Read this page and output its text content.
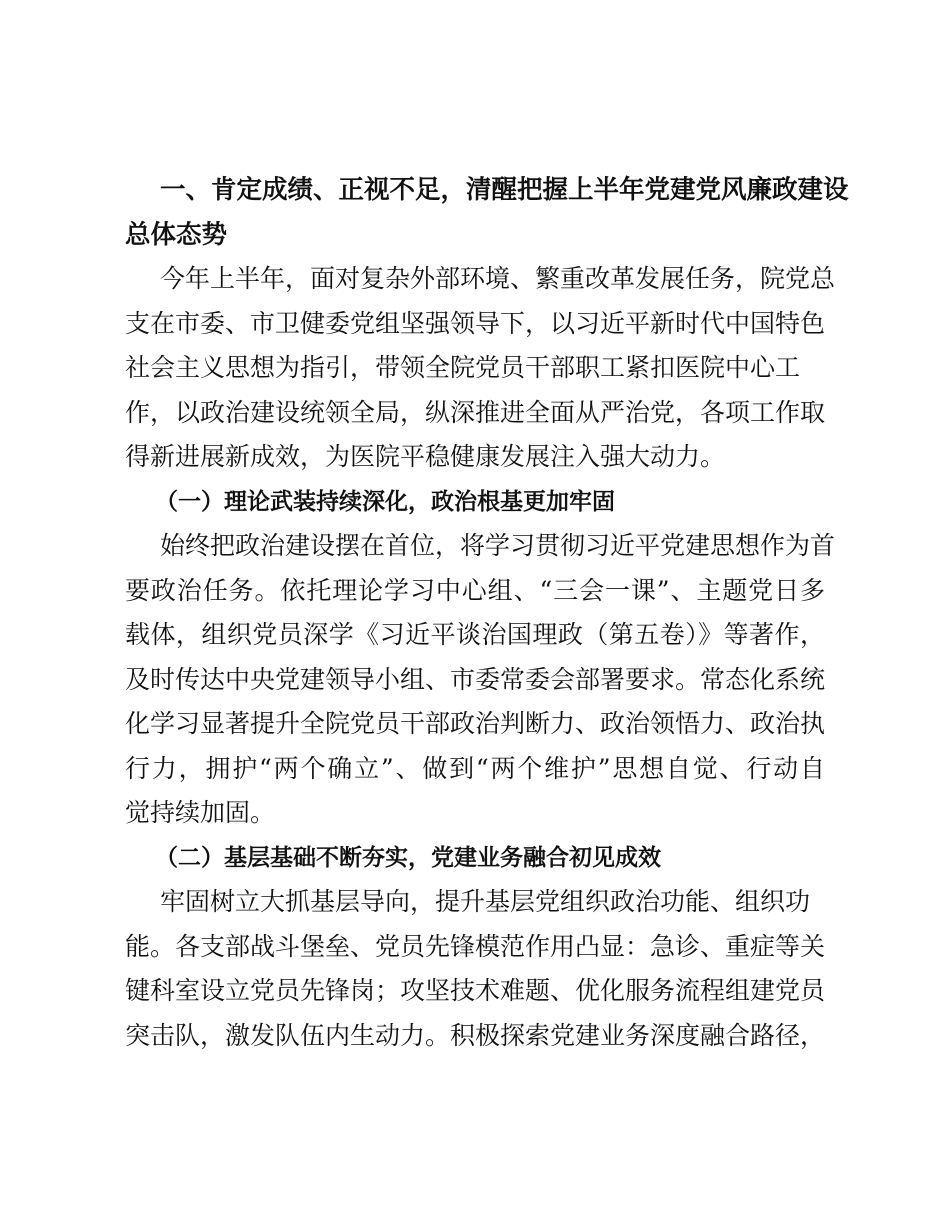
一、肯定成绩、正视不足，清醒把握上半年党建党风廉政建设
总体态势
今年上半年，面对复杂外部环境、繁重改革发展任务，院党总
支在市委、市卫健委党组坚强领导下，以习近平新时代中国特色
社会主义思想为指引，带领全院党员干部职工紧扣医院中心工
作，以政治建设统领全局，纵深推进全面从严治党，各项工作取
得新进展新成效，为医院平稳健康发展注入强大动力。
（一）理论武装持续深化，政治根基更加牢固
始终把政治建设摆在首位，将学习贯彻习近平党建思想作为首
要政治任务。依托理论学习中心组、“三会一课”、主题党日多
载体，组织党员深学《习近平谈治国理政（第五卷）》等著作，
及时传达中央党建领导小组、市委常委会部署要求。常态化系统
化学习显著提升全院党员干部政治判断力、政治领悟力、政治执
行力，拥护“两个确立”、做到“两个维护”思想自觉、行动自
觉持续加固。
（二）基层基础不断夯实，党建业务融合初见成效
牢固树立大抓基层导向，提升基层党组织政治功能、组织功
能。各支部战斗堡垒、党员先锋模范作用凸显：急诊、重症等关
键科室设立党员先锋岗；攻坚技术难题、优化服务流程组建党员
突击队，激发队伍内生动力。积极探索党建业务深度融合路径，
